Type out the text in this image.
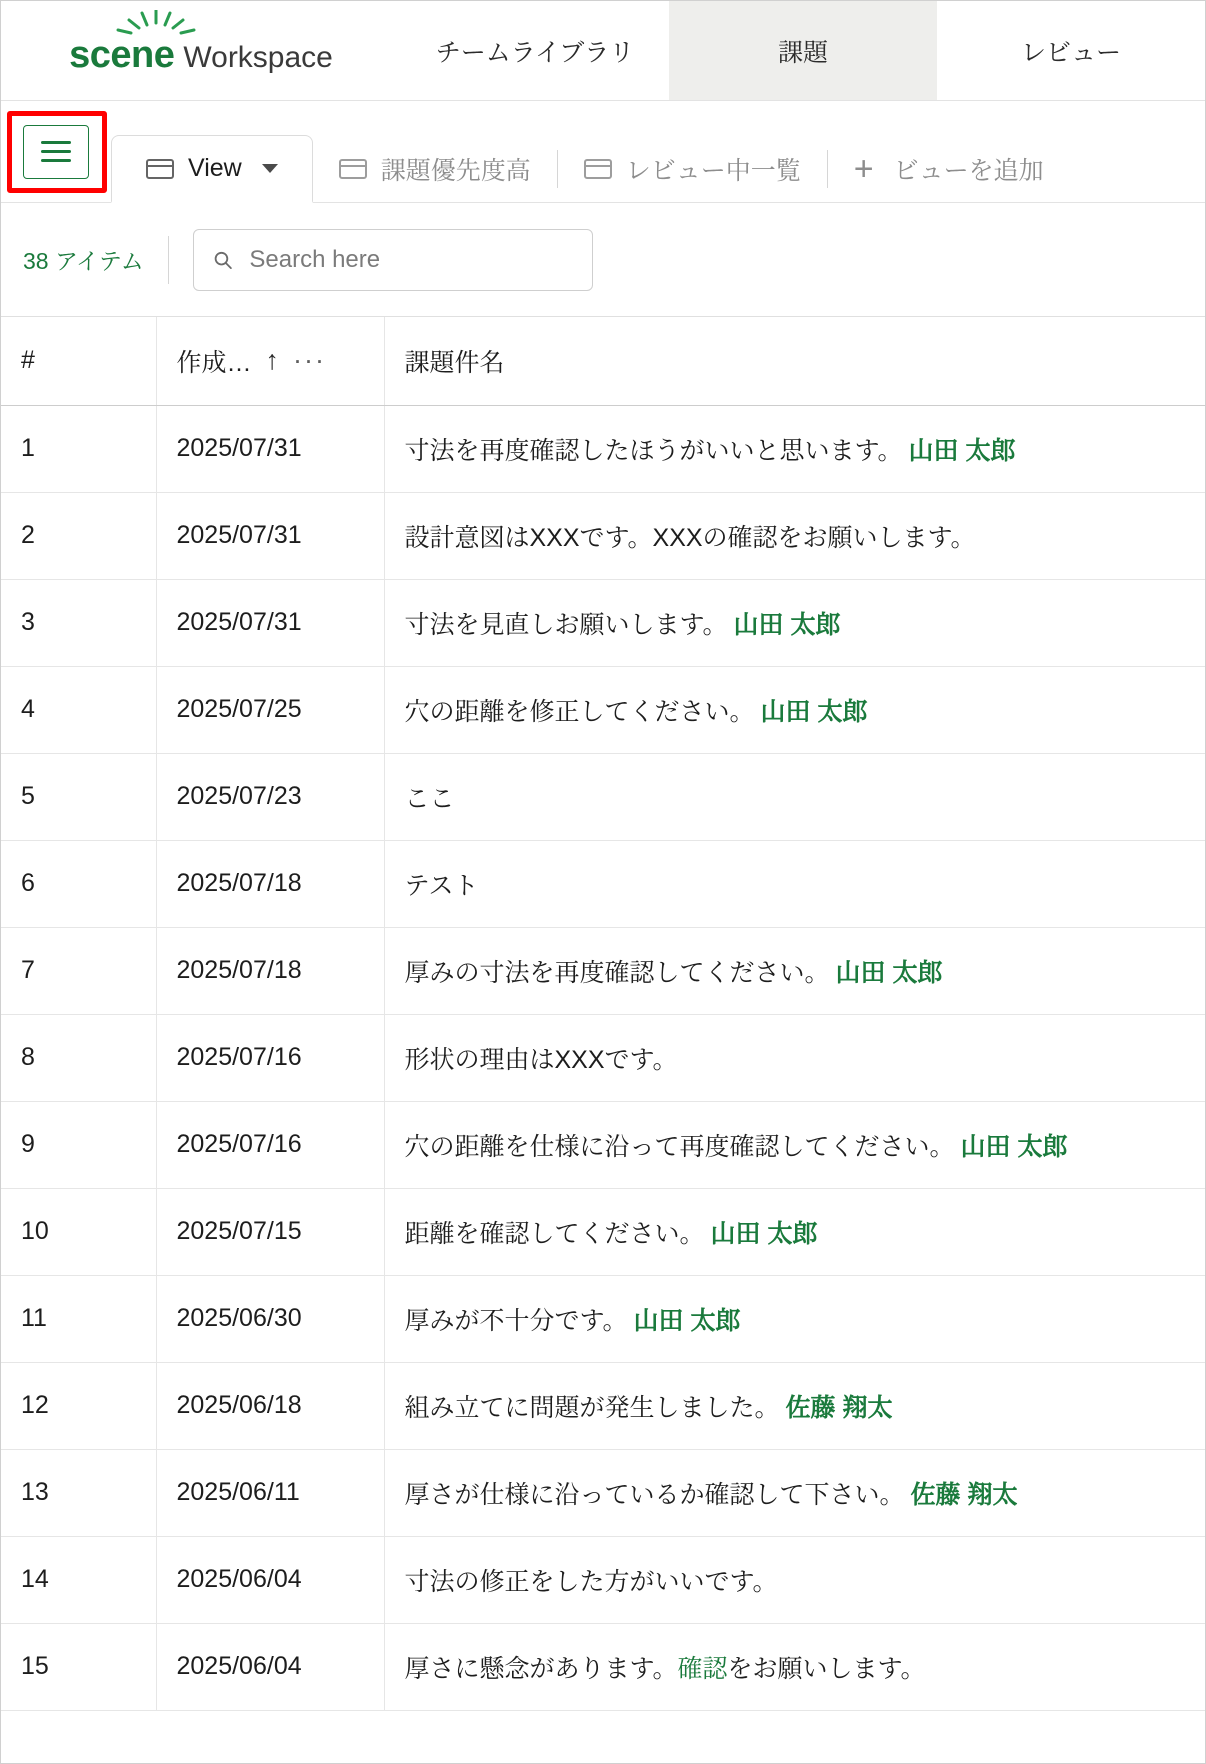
scene Workspace	チームライブラリ	課題	レビュー
View	課題優先度高	レビュー中一覧 + ビューを追加
38 アイテム
Search here
#	作成… ↑ ···	課題件名

1	2025/07/31	寸法を再度確認したほうがいいと思います。 山田 太郎
2	2025/07/31	設計意図はXXXです。XXXの確認をお願いします。
3	2025/07/31	寸法を見直しお願いします。 山田 太郎
4	2025/07/25	穴の距離を修正してください。 山田 太郎
5	2025/07/23	ここ
6	2025/07/18	テスト
7	2025/07/18	厚みの寸法を再度確認してください。 山田 太郎
8	2025/07/16	形状の理由はXXXです。
9	2025/07/16	穴の距離を仕様に沿って再度確認してください。 山田 太郎
10	2025/07/15	距離を確認してください。 山田 太郎
11	2025/06/30	厚みが不十分です。 山田 太郎
12	2025/06/18	組み立てに問題が発生しました。 佐藤 翔太
13	2025/06/11	厚さが仕様に沿っているか確認して下さい。 佐藤 翔太
14	2025/06/04	寸法の修正をした方がいいです。
15	2025/06/04	厚さに懸念があります。確認をお願いします。
